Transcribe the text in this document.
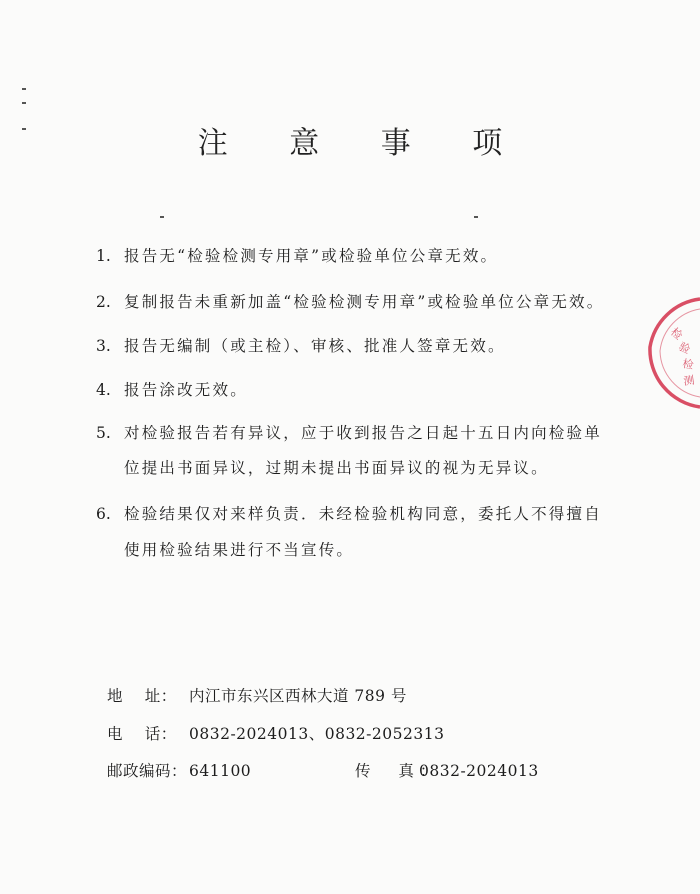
注 意 事 项
1. 报告无“检验检测专用章”或检验单位公章无效。
2. 复制报告未重新加盖“检验检测专用章”或检验单位公章无效。
3. 报告无编制（或主检）、审核、批准人签章无效。
4. 报告涂改无效。
5. 对检验报告若有异议，应于收到报告之日起十五日内向检验单
位提出书面异议，过期未提出书面异议的视为无异议。
6. 检验结果仅对来样负责．未经检验机构同意，委托人不得擅自
使用检验结果进行不当宣传。
地    址： 内江市东兴区西林大道 789 号
电    话： 0832-2024013、0832-2052313
邮政编码： 641100	传  真：0832-2024013
检
验
检
测
